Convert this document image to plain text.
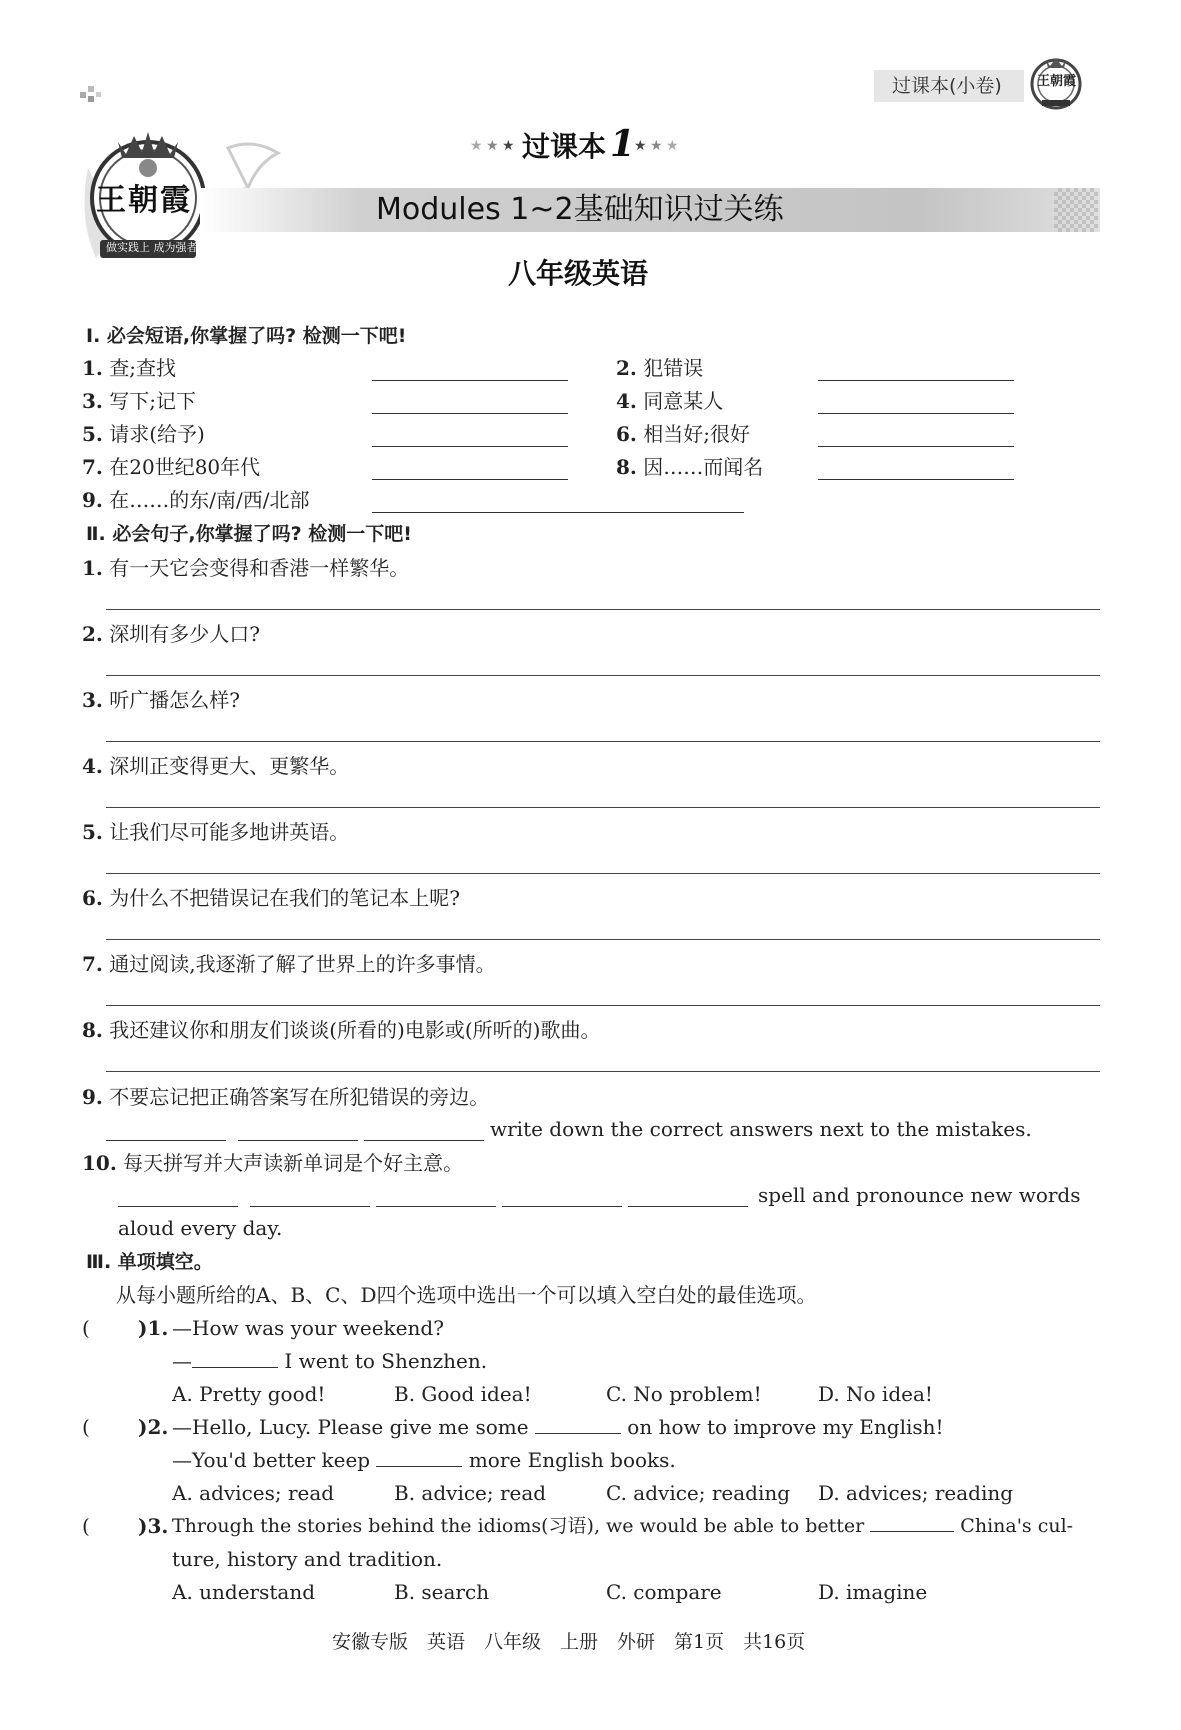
过课本(小卷)	王朝霞
王朝霞
做实践上 成为强者
★ ★ ★ 过课本 1
★ ★ ★
Modules 1~2基础知识过关练
八年级英语
Ⅰ. 必会短语,你掌握了吗? 检测一下吧!
1. 查;查找	2. 犯错误
3. 写下;记下	4. 同意某人
5. 请求(给予)	6. 相当好;很好
7. 在20世纪80年代	8. 因……而闻名
9. 在……的东/南/西/北部
Ⅱ. 必会句子,你掌握了吗? 检测一下吧!
1. 有一天它会变得和香港一样繁华。
2. 深圳有多少人口?
3. 听广播怎么样?
4. 深圳正变得更大、更繁华。
5. 让我们尽可能多地讲英语。
6. 为什么不把错误记在我们的笔记本上呢?
7. 通过阅读,我逐渐了解了世界上的许多事情。
8. 我还建议你和朋友们谈谈(所看的)电影或(所听的)歌曲。
9. 不要忘记把正确答案写在所犯错误的旁边。
write down the correct answers next to the mistakes.
10. 每天拼写并大声读新单词是个好主意。
spell and pronounce new words
aloud every day.
Ⅲ. 单项填空。
从每小题所给的A、B、C、D四个选项中选出一个可以填入空白处的最佳选项。
( )1. —How was your weekend?
—	I went to Shenzhen.
A. Pretty good!	B. Good idea!	C. No problem!	D. No idea!
( )2. —Hello, Lucy. Please give me some	on how to improve my English!
—You'd better keep	more English books.
A. advices; read	B. advice; read	C. advice; reading D. advices; reading
( )3. Through the stories behind the idioms(习语), we would be able to better	China's cul-
ture, history and tradition.
A. understand	B. search	C. compare	D. imagine
安徽专版　英语　八年级　上册　外研　第1页　共16页
